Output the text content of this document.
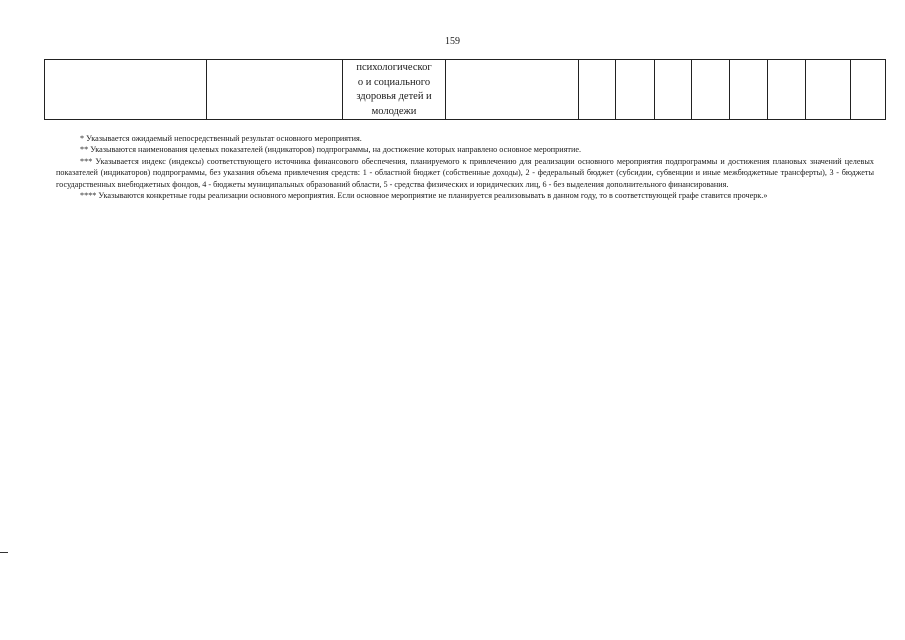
159

психологическог
о и социального
здоровья детей и
молодежи

* Указывается ожидаемый непосредственный результат основного мероприятия.

** Указываются наименования целевых показателей (индикаторов) подпрограммы, на достижение которых направлено основное мероприятие.

*** Указывается индекс (индексы) соответствующего источника финансового обеспечения, планируемого к привлечению для реализации основного мероприятия подпрограммы и достижения плановых значений целевых показателей (индикаторов) подпрограммы, без указания объема привлечения средств: 1 - областной бюджет (собственные доходы), 2 - федеральный бюджет (субсидии, субвенции и иные межбюджетные трансферты), 3 - бюджеты государственных внебюджетных фондов, 4 - бюджеты муниципальных образований области, 5 - средства физических и юридических лиц, 6 - без выделения дополнительного финансирования.

**** Указываются конкретные годы реализации основного мероприятия. Если основное мероприятие не планируется реализовывать в данном году, то в соответствующей графе ставится прочерк.»
